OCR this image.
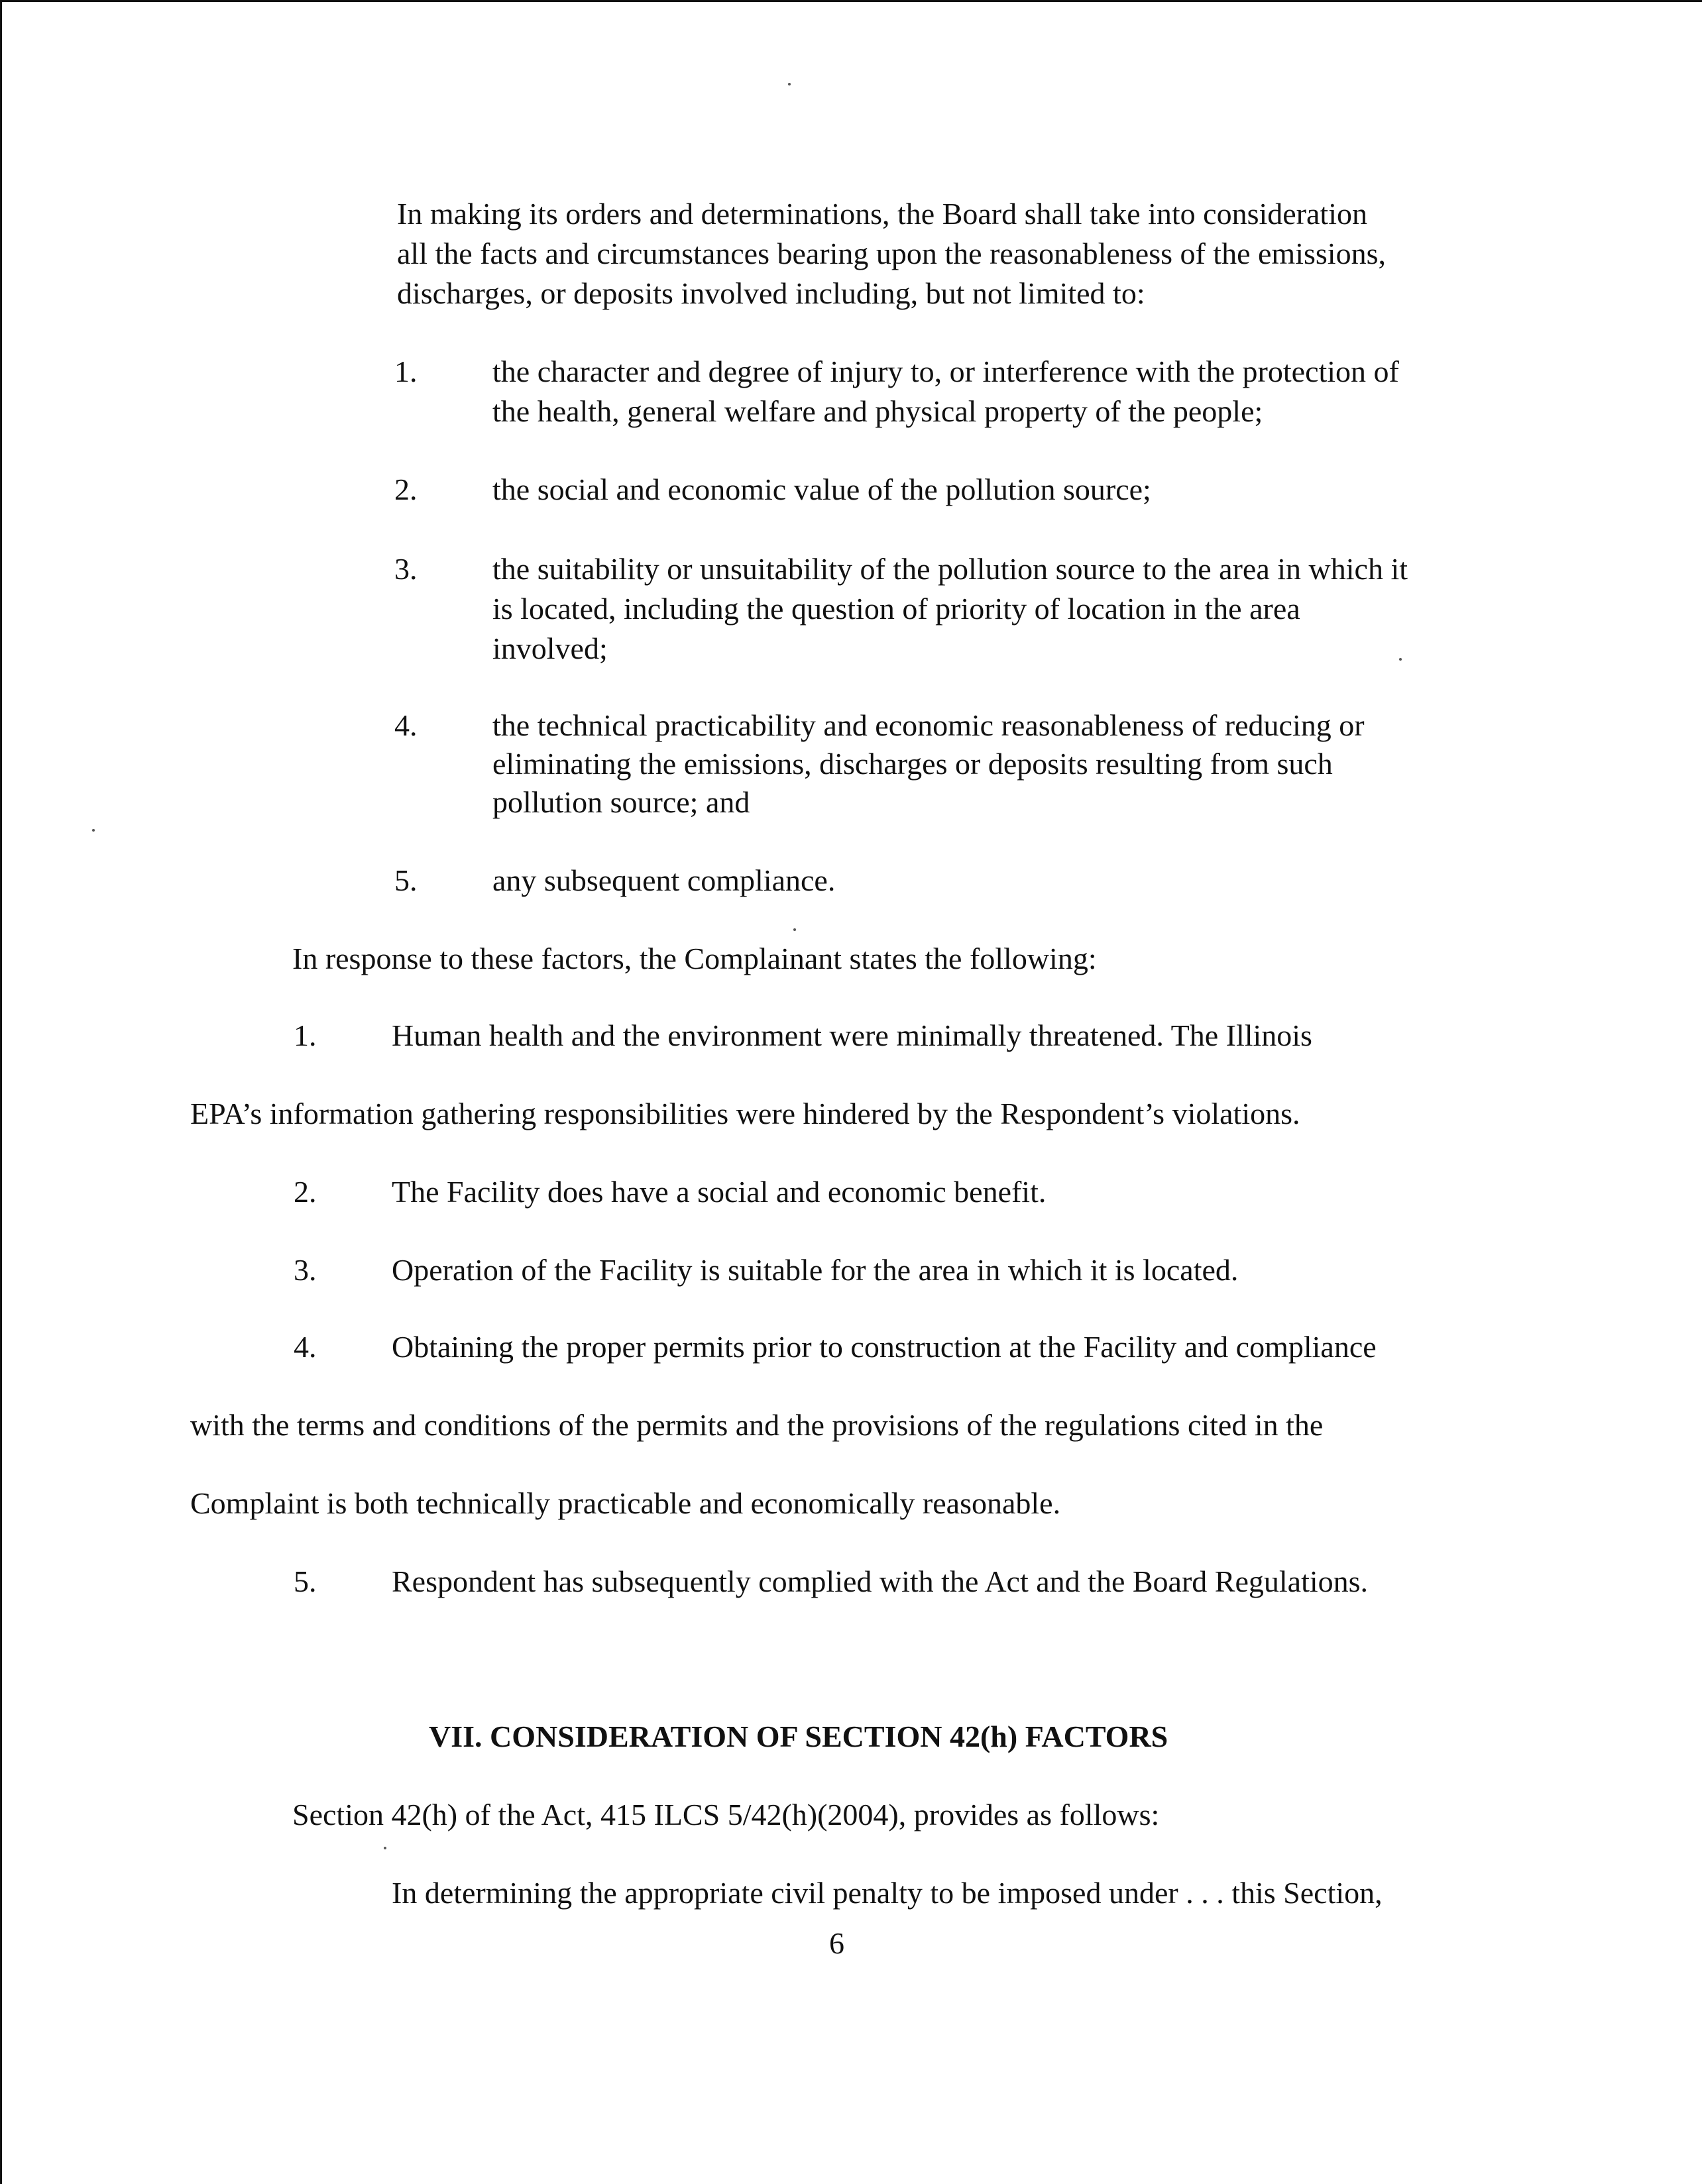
In making its orders and determinations, the Board shall take into consideration
all the facts and circumstances bearing upon the reasonableness of the emissions,
discharges, or deposits involved including, but not limited to:
1. the character and degree of injury to, or interference with the protection of
the health, general welfare and physical property of the people;
2. the social and economic value of the pollution source;
3. the suitability or unsuitability of the pollution source to the area in which it
is located, including the question of priority of location in the area
involved;
4. the technical practicability and economic reasonableness of reducing or
eliminating the emissions, discharges or deposits resulting from such
pollution source; and
5. any subsequent compliance.
In response to these factors, the Complainant states the following:
1. Human health and the environment were minimally threatened. The Illinois
EPA’s information gathering responsibilities were hindered by the Respondent’s violations.
2. The Facility does have a social and economic benefit.
3. Operation of the Facility is suitable for the area in which it is located.
4. Obtaining the proper permits prior to construction at the Facility and compliance
with the terms and conditions of the permits and the provisions of the regulations cited in the
Complaint is both technically practicable and economically reasonable.
5. Respondent has subsequently complied with the Act and the Board Regulations.
VII. CONSIDERATION OF SECTION 42(h) FACTORS
Section 42(h) of the Act, 415 ILCS 5/42(h)(2004), provides as follows:
In determining the appropriate civil penalty to be imposed under . . . this Section,
6
